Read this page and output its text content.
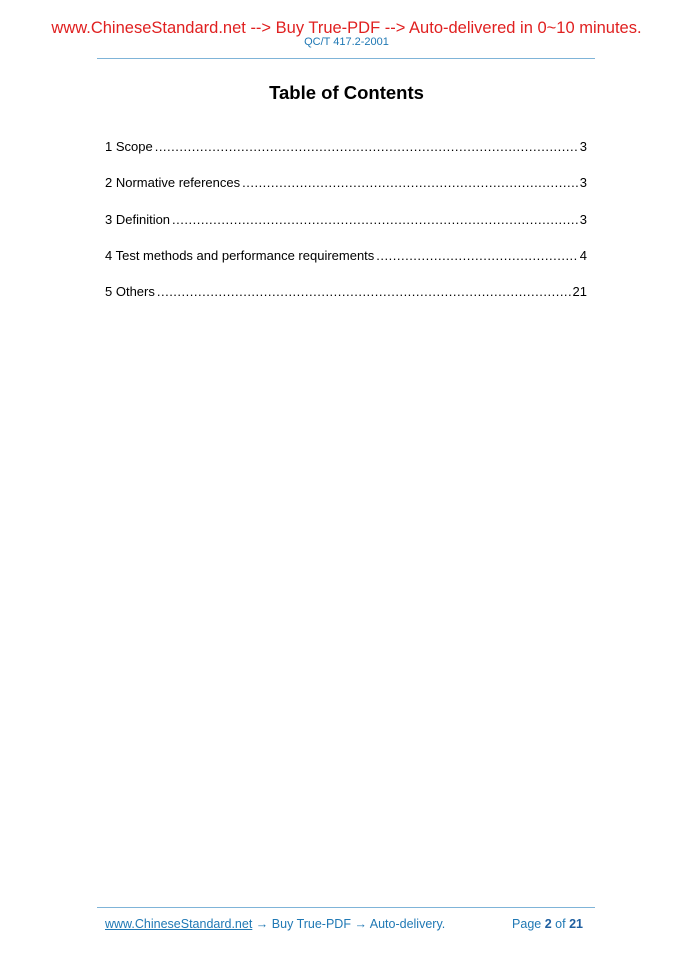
www.ChineseStandard.net --> Buy True-PDF --> Auto-delivered in 0~10 minutes.
QC/T 417.2-2001
Table of Contents
1 Scope .....	3
2 Normative references .....	3
3 Definition .....	3
4 Test methods and performance requirements .....	4
5 Others .....	21
www.ChineseStandard.net → Buy True-PDF → Auto-delivery.	Page 2 of 21
